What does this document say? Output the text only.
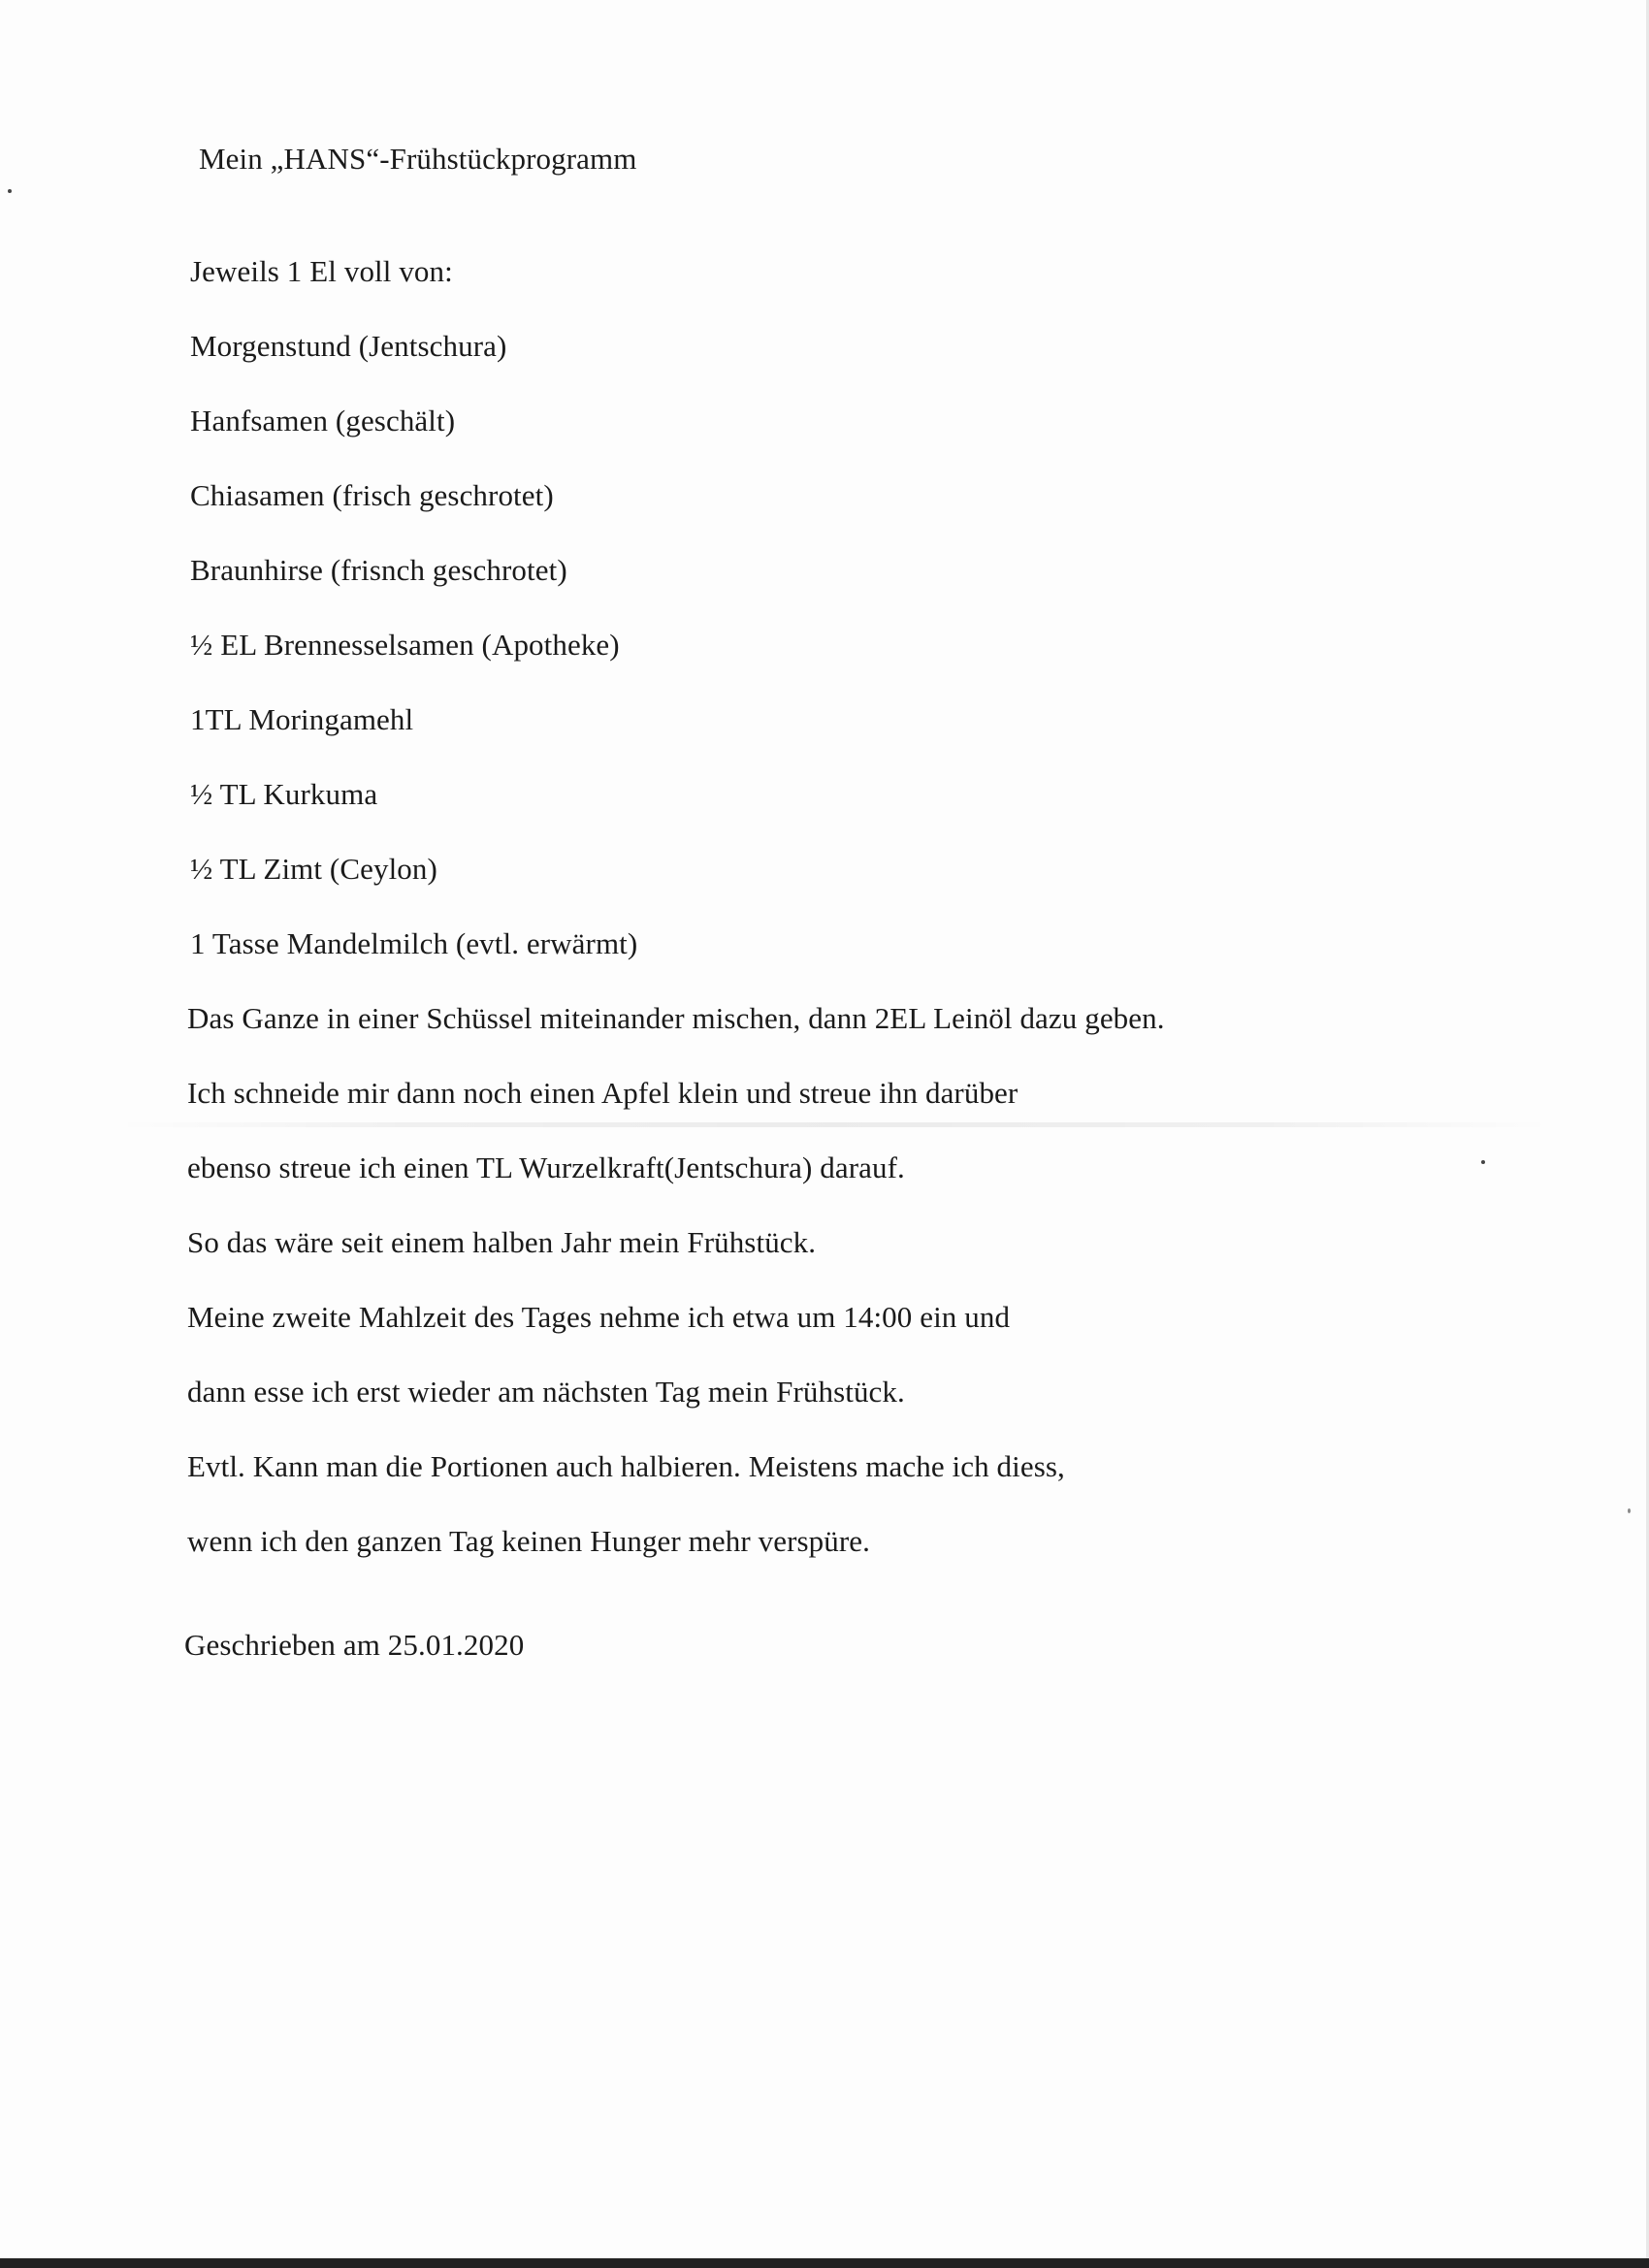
Mein „HANS“-Frühstückprogramm
Jeweils 1 El voll von:
Morgenstund (Jentschura)
Hanfsamen (geschält)
Chiasamen (frisch geschrotet)
Braunhirse (frisnch geschrotet)
½ EL Brennesselsamen (Apotheke)
1TL Moringamehl
½ TL Kurkuma
½ TL Zimt (Ceylon)
1 Tasse Mandelmilch (evtl. erwärmt)
Das Ganze in einer Schüssel miteinander mischen, dann 2EL Leinöl dazu geben.
Ich schneide mir dann noch einen Apfel klein und streue ihn darüber
ebenso streue ich einen TL Wurzelkraft(Jentschura) darauf.
So das wäre seit einem halben Jahr mein Frühstück.
Meine zweite Mahlzeit des Tages nehme ich etwa um 14:00 ein und
dann esse ich erst wieder am nächsten Tag mein Frühstück.
Evtl. Kann man die Portionen auch halbieren. Meistens mache ich diess,
wenn ich den ganzen Tag keinen Hunger mehr verspüre.
Geschrieben am 25.01.2020
